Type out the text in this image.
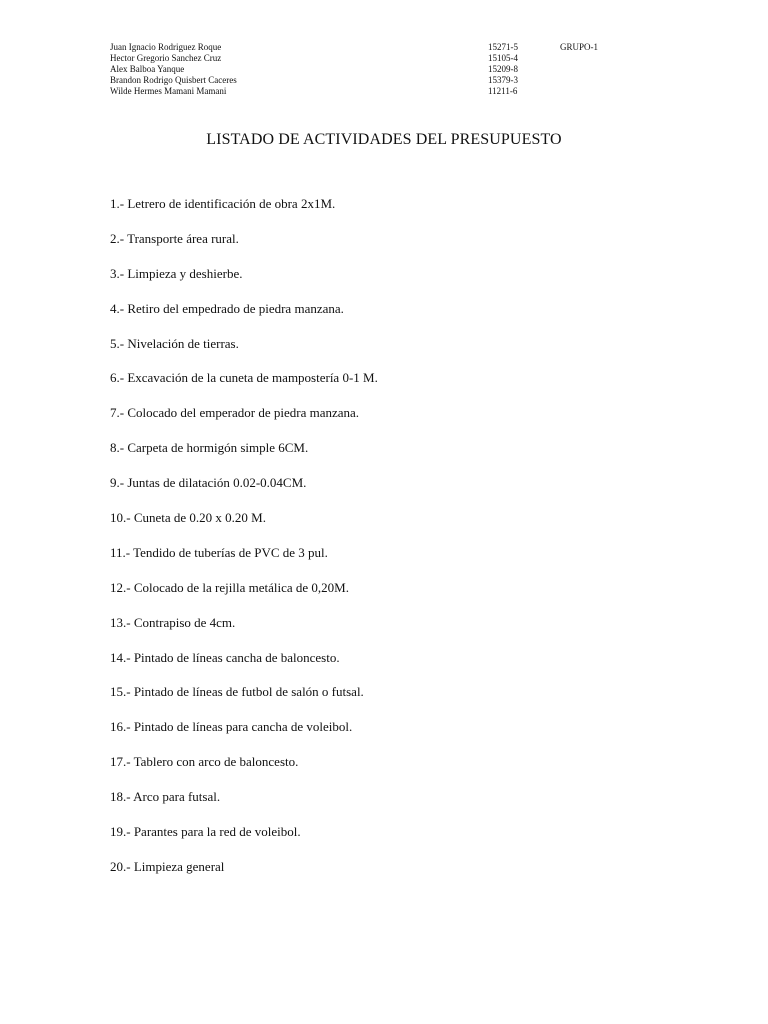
Juan Ignacio Rodriguez Roque	15271-5	GRUPO-1
Hector Gregorio Sanchez Cruz	15105-4
Alex Balboa Yanque	15209-8
Brandon Rodrigo Quisbert Caceres	15379-3
Wilde Hermes Mamani Mamani	11211-6
LISTADO DE ACTIVIDADES DEL PRESUPUESTO
1.- Letrero de identificación de obra 2x1M.
2.- Transporte área rural.
3.- Limpieza y deshierbe.
4.- Retiro del empedrado de piedra manzana.
5.- Nivelación de tierras.
6.- Excavación de la cuneta de mampostería 0-1 M.
7.- Colocado del emperador de piedra manzana.
8.- Carpeta de hormigón simple 6CM.
9.- Juntas de dilatación 0.02-0.04CM.
10.- Cuneta de 0.20 x 0.20 M.
11.- Tendido de tuberías de PVC de 3 pul.
12.- Colocado de la rejilla metálica de 0,20M.
13.- Contrapiso de 4cm.
14.- Pintado de líneas cancha de baloncesto.
15.- Pintado de líneas de futbol de salón o futsal.
16.- Pintado de líneas para cancha de voleibol.
17.- Tablero con arco de baloncesto.
18.- Arco para futsal.
19.- Parantes para la red de voleibol.
20.- Limpieza general
